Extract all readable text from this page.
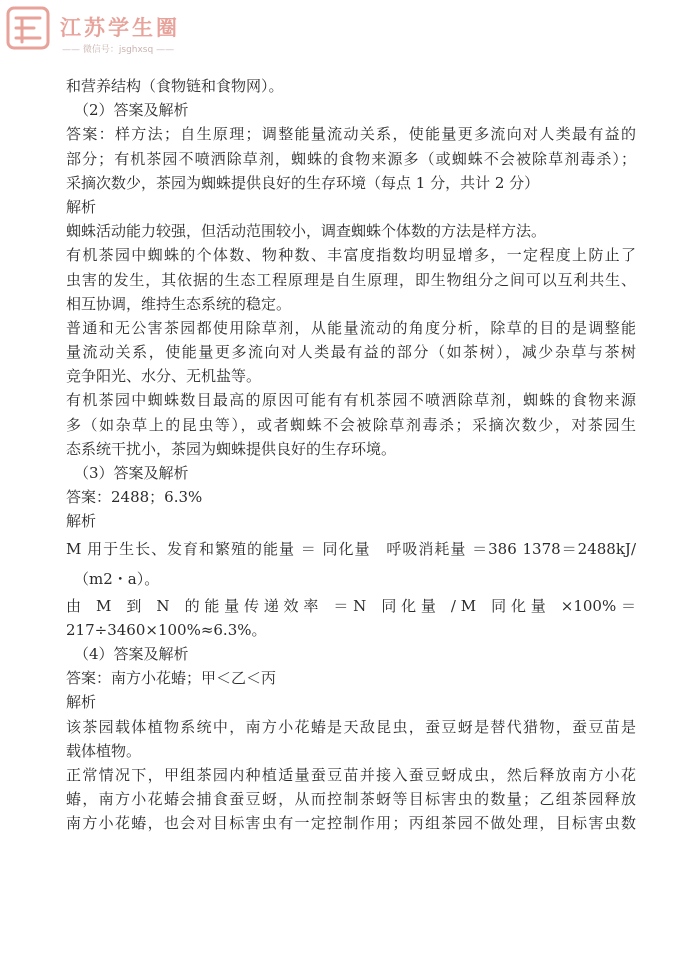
江苏学生圈
—— 微信号：jsghxsq ——
和营养结构（食物链和食物网）。
（2）答案及解析
答案：样方法；自生原理；调整能量流动关系，使能量更多流向对人类最有益的
部分；有机茶园不喷洒除草剂，蜘蛛的食物来源多（或蜘蛛不会被除草剂毒杀）；
采摘次数少，茶园为蜘蛛提供良好的生存环境（每点 1 分，共计 2 分）
解析
蜘蛛活动能力较强，但活动范围较小，调查蜘蛛个体数的方法是样方法。
有机茶园中蜘蛛的个体数、物种数、丰富度指数均明显增多，一定程度上防止了
虫害的发生，其依据的生态工程原理是自生原理，即生物组分之间可以互利共生、
相互协调，维持生态系统的稳定。
普通和无公害茶园都使用除草剂，从能量流动的角度分析，除草的目的是调整能
量流动关系，使能量更多流向对人类最有益的部分（如茶树），减少杂草与茶树
竞争阳光、水分、无机盐等。
有机茶园中蜘蛛数目最高的原因可能有有机茶园不喷洒除草剂，蜘蛛的食物来源
多（如杂草上的昆虫等），或者蜘蛛不会被除草剂毒杀；采摘次数少，对茶园生
态系统干扰小，茶园为蜘蛛提供良好的生存环境。
（3）答案及解析
答案：2488；6.3%
解析
M 用于生长、发育和繁殖的能量 ＝ 同化量　呼吸消耗量 ＝386 1378＝2488kJ/
（m2・a）。
由　M　到　N　的 能 量 传 递 效 率　＝ N　同 化 量　/ M　同 化 量　×100% ＝
217÷3460×100%≈6.3%。
（4）答案及解析
答案：南方小花蝽；甲＜乙＜丙
解析
该茶园载体植物系统中，南方小花蝽是天敌昆虫，蚕豆蚜是替代猎物，蚕豆苗是
载体植物。
正常情况下，甲组茶园内种植适量蚕豆苗并接入蚕豆蚜成虫，然后释放南方小花
蝽，南方小花蝽会捕食蚕豆蚜，从而控制茶蚜等目标害虫的数量；乙组茶园释放
南方小花蝽，也会对目标害虫有一定控制作用；丙组茶园不做处理，目标害虫数
